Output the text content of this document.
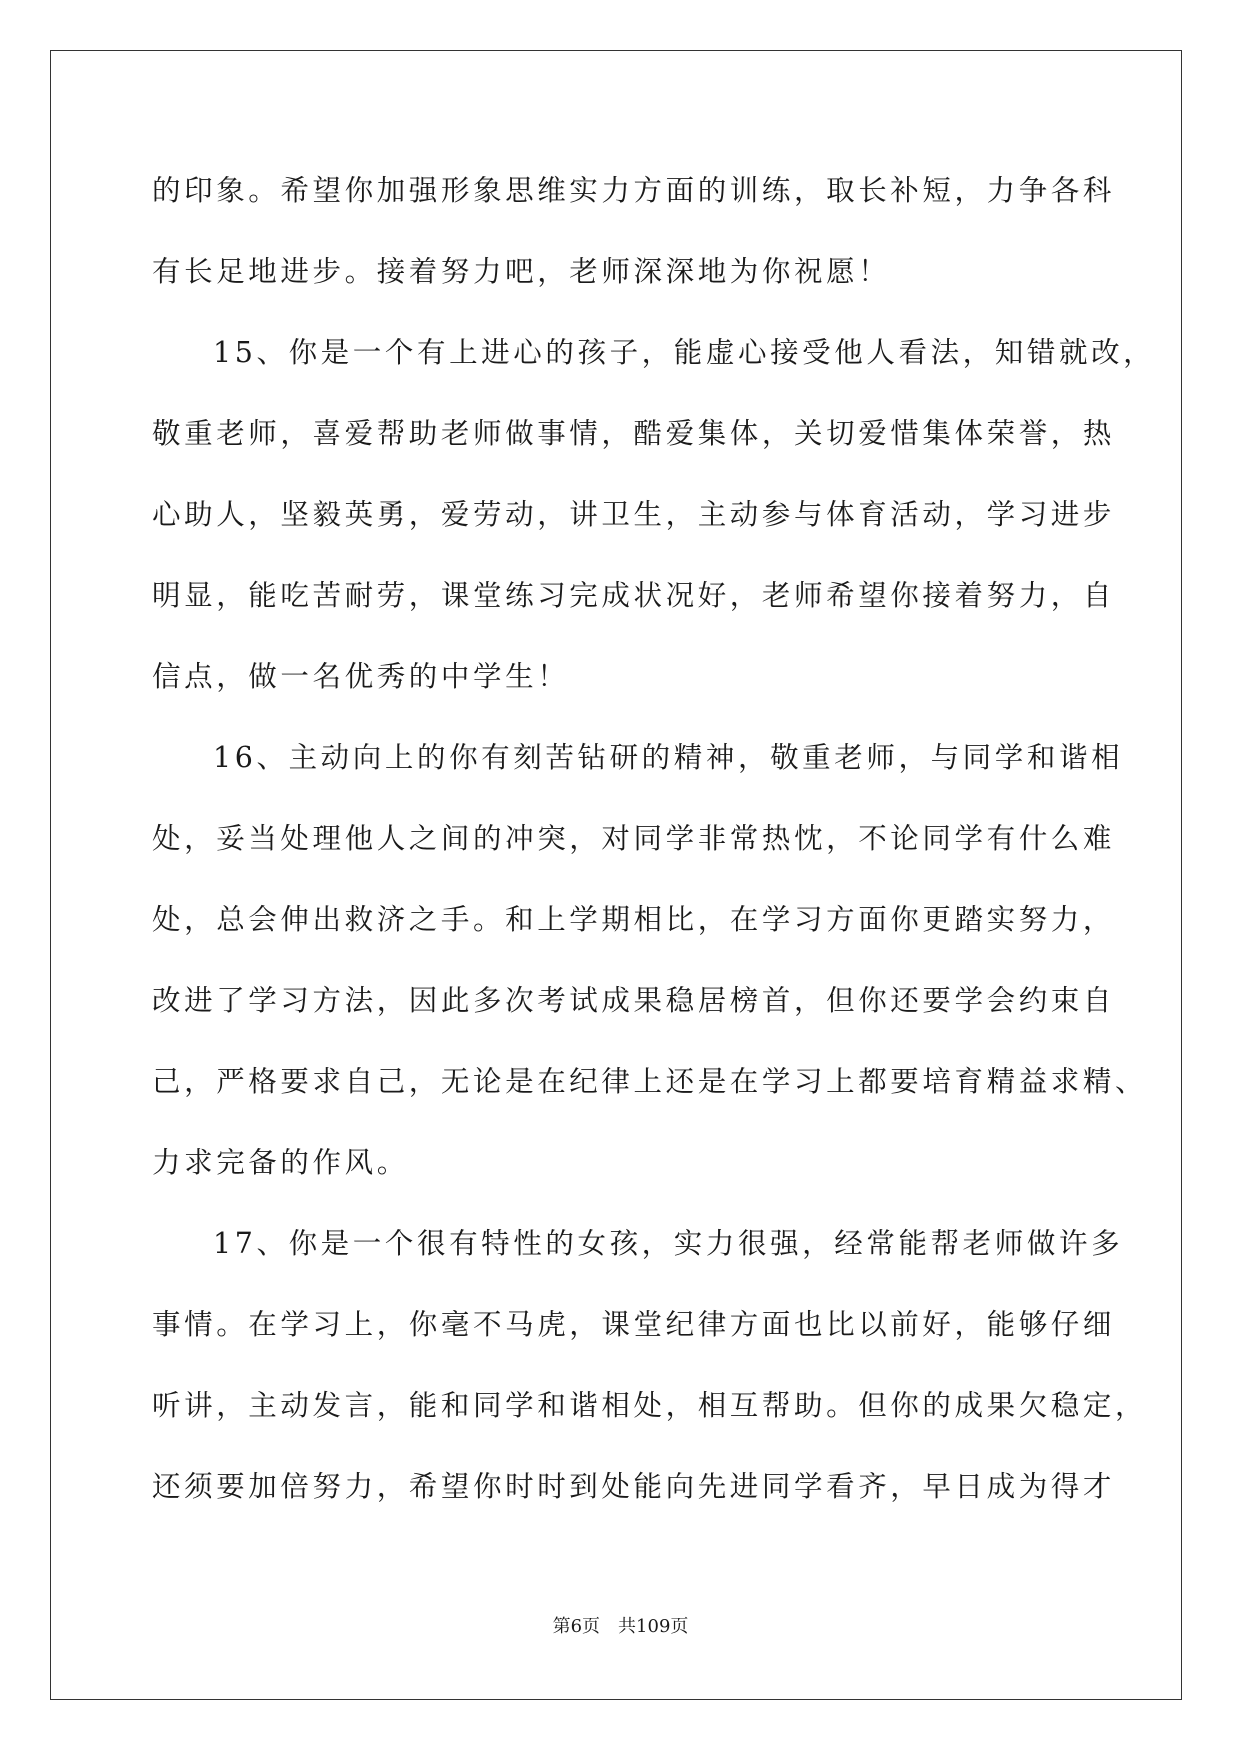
的印象。希望你加强形象思维实力方面的训练，取长补短，力争各科
有长足地进步。接着努力吧，老师深深地为你祝愿！
15、你是一个有上进心的孩子，能虚心接受他人看法，知错就改，
敬重老师，喜爱帮助老师做事情，酷爱集体，关切爱惜集体荣誉，热
心助人，坚毅英勇，爱劳动，讲卫生，主动参与体育活动，学习进步
明显，能吃苦耐劳，课堂练习完成状况好，老师希望你接着努力，自
信点，做一名优秀的中学生！
16、主动向上的你有刻苦钻研的精神，敬重老师，与同学和谐相
处，妥当处理他人之间的冲突，对同学非常热忱，不论同学有什么难
处，总会伸出救济之手。和上学期相比，在学习方面你更踏实努力，
改进了学习方法，因此多次考试成果稳居榜首，但你还要学会约束自
己，严格要求自己，无论是在纪律上还是在学习上都要培育精益求精、
力求完备的作风。
17、你是一个很有特性的女孩，实力很强，经常能帮老师做许多
事情。在学习上，你毫不马虎，课堂纪律方面也比以前好，能够仔细
听讲，主动发言，能和同学和谐相处，相互帮助。但你的成果欠稳定，
还须要加倍努力，希望你时时到处能向先进同学看齐，早日成为得才
第6页 共109页
